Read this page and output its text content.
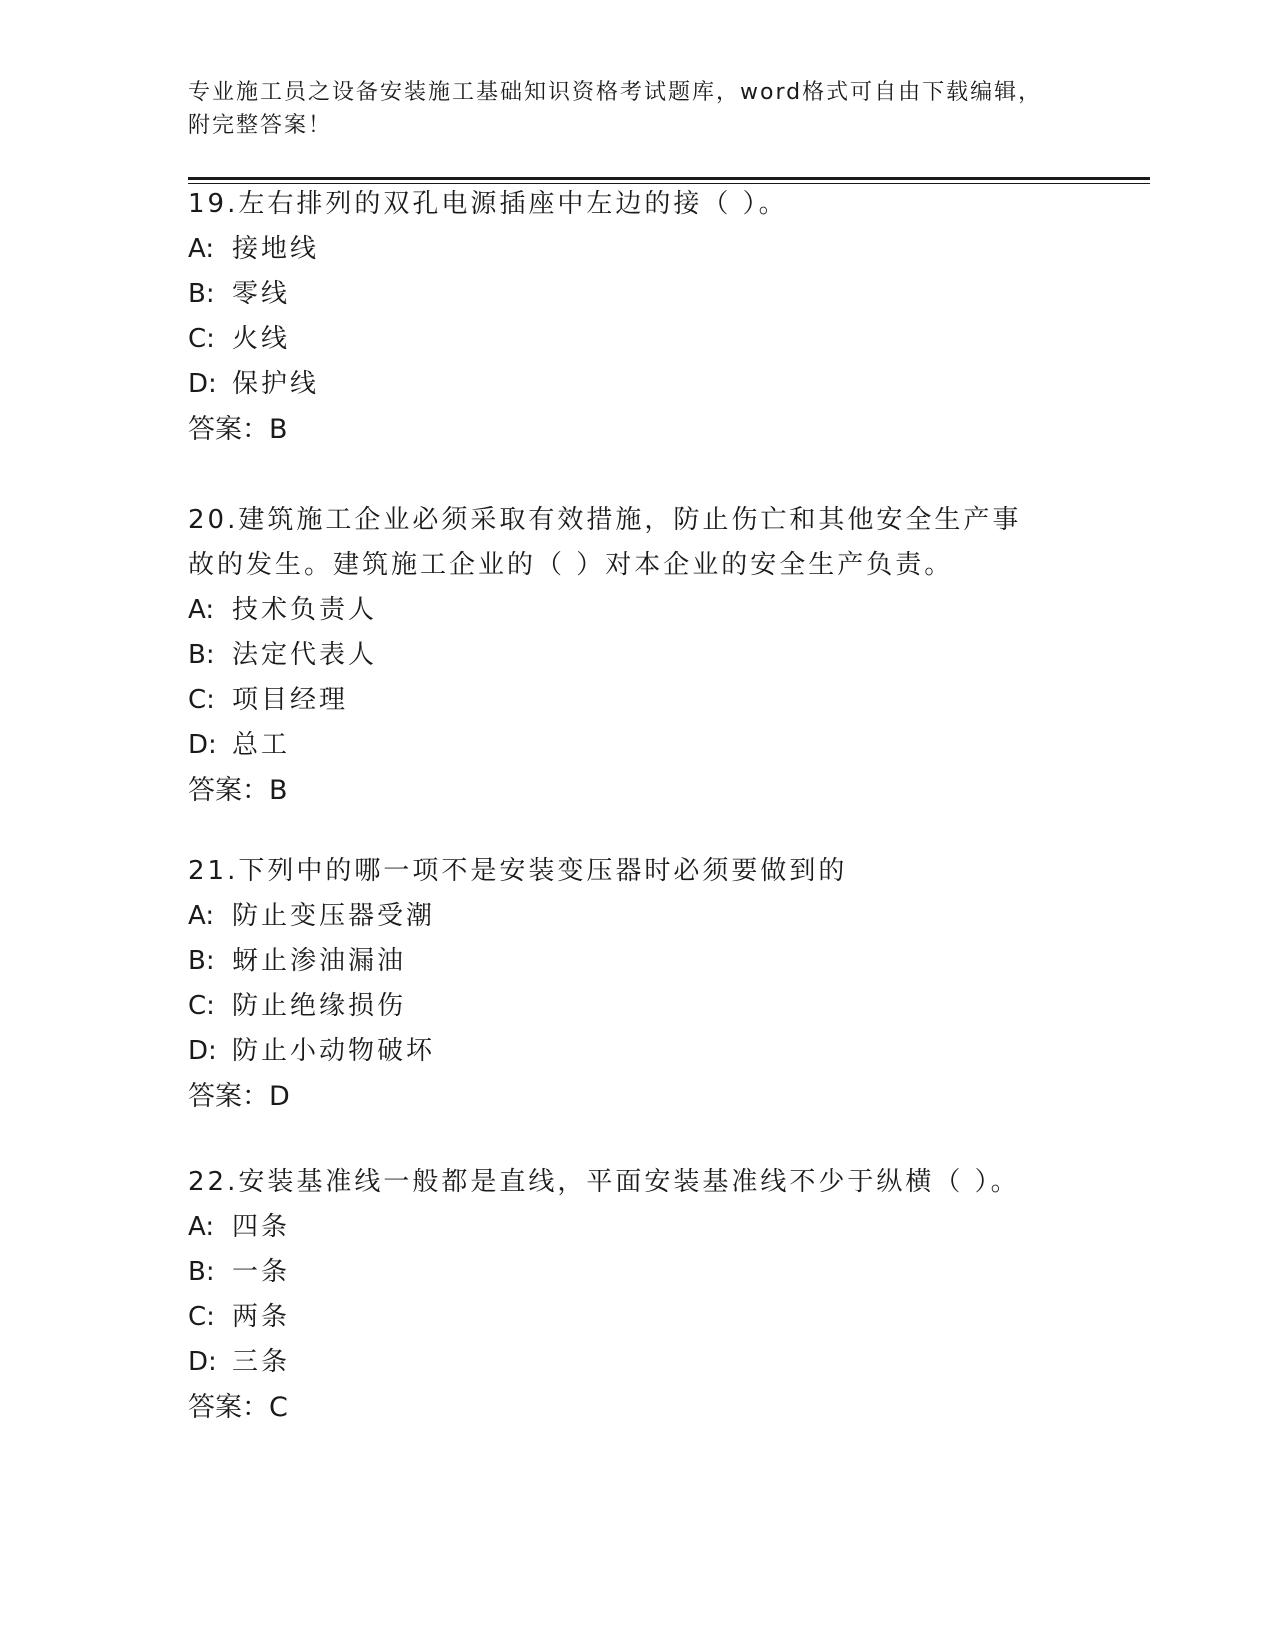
专业施工员之设备安装施工基础知识资格考试题库，word格式可自由下载编辑，
附完整答案！

19.左右排列的双孔电源插座中左边的接（ ）。

A: 接地线

B: 零线

C: 火线

D: 保护线

答案：B

20.建筑施工企业必须采取有效措施，防止伤亡和其他安全生产事故的发生。建筑施工企业的（ ）对本企业的安全生产负责。

A: 技术负责人

B: 法定代表人

C: 项目经理

D: 总工

答案：B

21.下列中的哪一项不是安装变压器时必须要做到的

A: 防止变压器受潮

B: 蚜止渗油漏油

C: 防止绝缘损伤

D: 防止小动物破坏

答案：D

22.安装基准线一般都是直线，平面安装基准线不少于纵横（ ）。

A: 四条

B: 一条

C: 两条

D: 三条

答案：C
